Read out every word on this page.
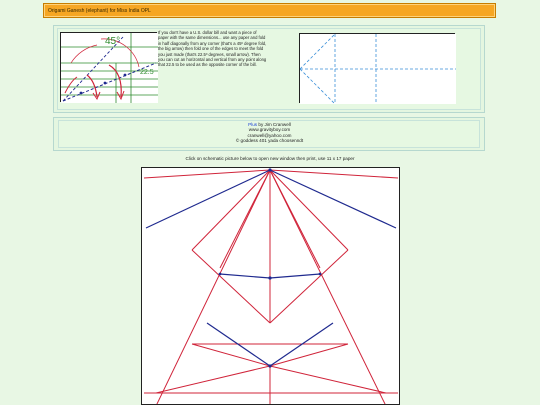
Origami Ganesh (elephant) for Miss India OPL
45°
22.5
If you don't have a U.S. dollar bill and want a piece of paper with the same dimensions... use any paper and fold in half diagonally from any corner (that's a 45º degree fold, the big arrow) then fold one of the edges to meet the fold you just made (that's 22.5º degrees, small arrow). Then you can cut an horizontal and vertical from any point along that 22.5 to be used as the opposite corner of the bill.
Plus by Jim Cranwell
www.gravityboy.com
cranwell@yahoo.com
© goddess 401 yada choosenndt
Click on schematic picture below to open new window then print, use 11 x 17 paper
